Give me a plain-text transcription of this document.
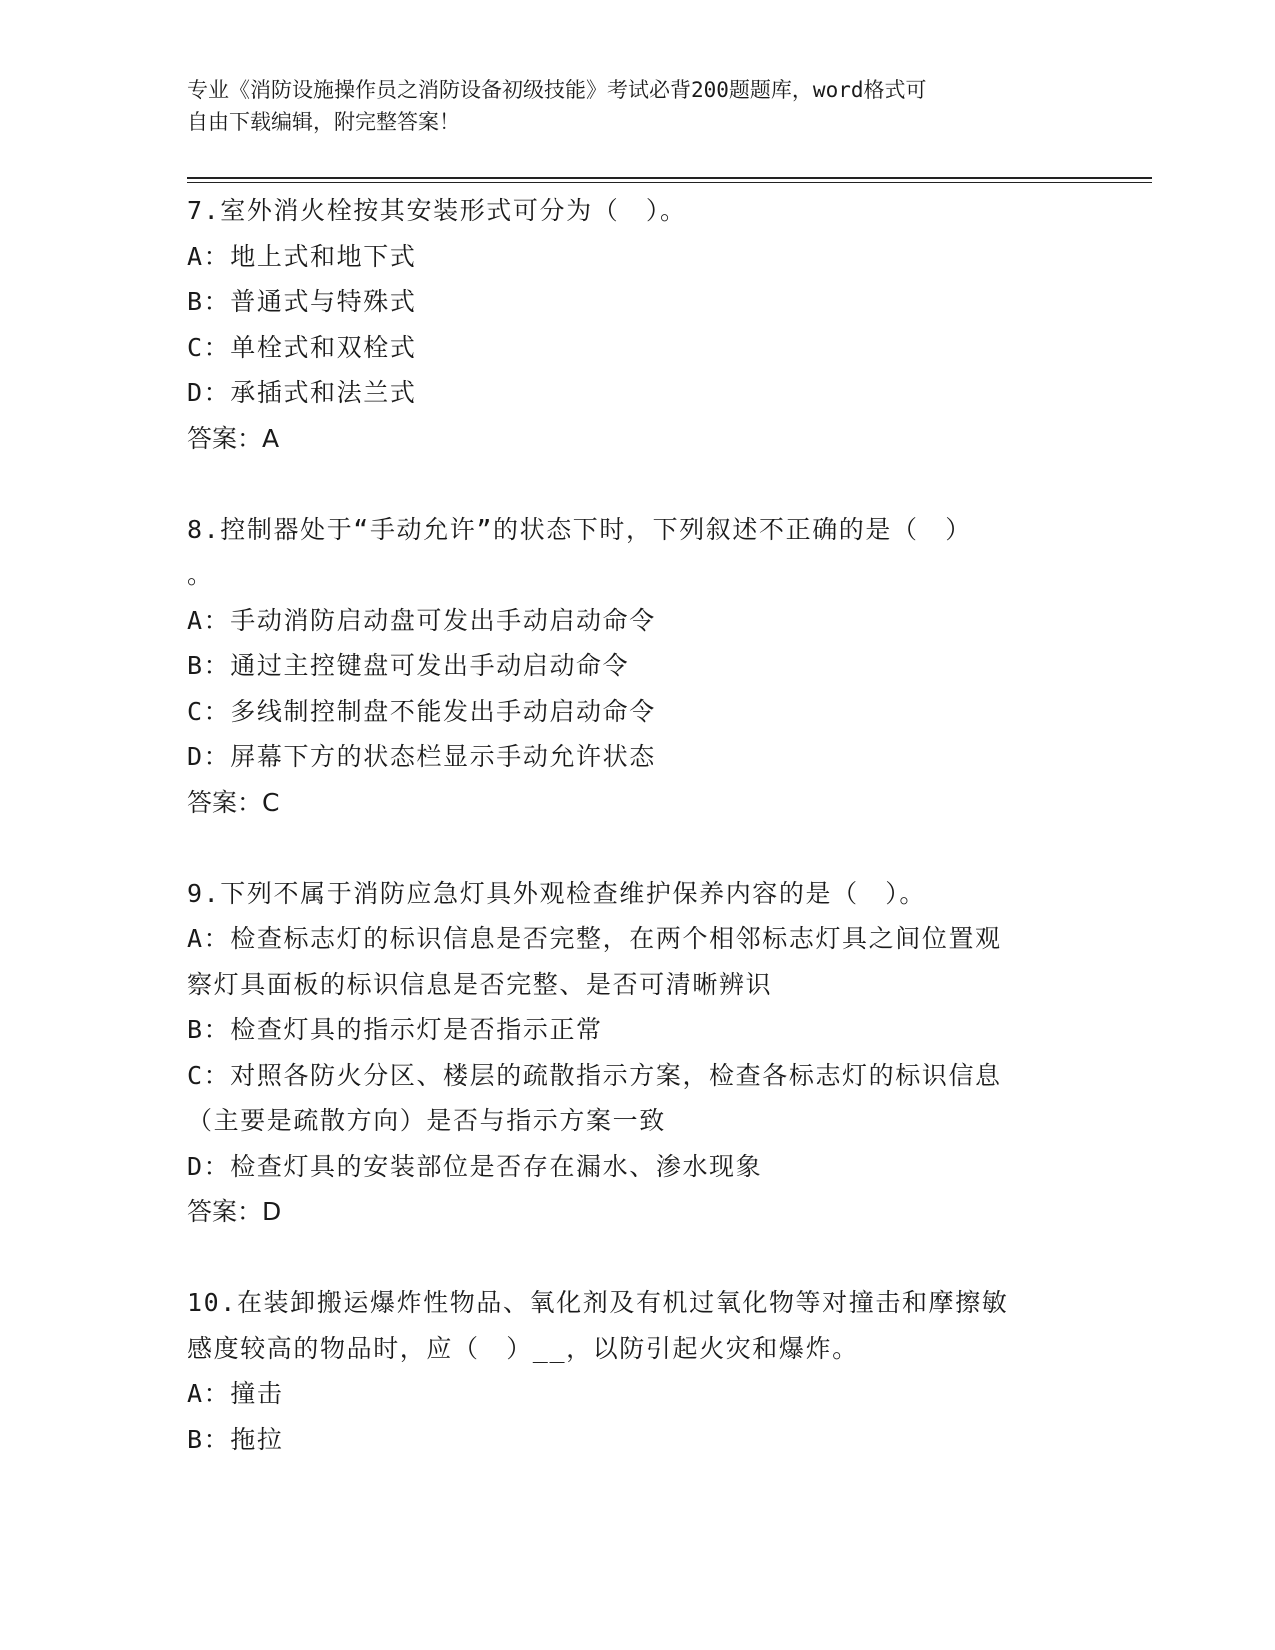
专业《消防设施操作员之消防设备初级技能》考试必背200题题库，word格式可
自由下载编辑，附完整答案！
7.室外消火栓按其安装形式可分为（　）。
A：地上式和地下式
B：普通式与特殊式
C：单栓式和双栓式
D：承插式和法兰式
答案：A
8.控制器处于“手动允许”的状态下时，下列叙述不正确的是（　）
。
A：手动消防启动盘可发出手动启动命令
B：通过主控键盘可发出手动启动命令
C：多线制控制盘不能发出手动启动命令
D：屏幕下方的状态栏显示手动允许状态
答案：C
9.下列不属于消防应急灯具外观检查维护保养内容的是（　）。
A：检查标志灯的标识信息是否完整，在两个相邻标志灯具之间位置观
察灯具面板的标识信息是否完整、是否可清晰辨识
B：检查灯具的指示灯是否指示正常
C：对照各防火分区、楼层的疏散指示方案，检查各标志灯的标识信息
（主要是疏散方向）是否与指示方案一致
D：检查灯具的安装部位是否存在漏水、渗水现象
答案：D
10.在装卸搬运爆炸性物品、氧化剂及有机过氧化物等对撞击和摩擦敏
感度较高的物品时，应（　）__，以防引起火灾和爆炸。
A：撞击
B：拖拉
